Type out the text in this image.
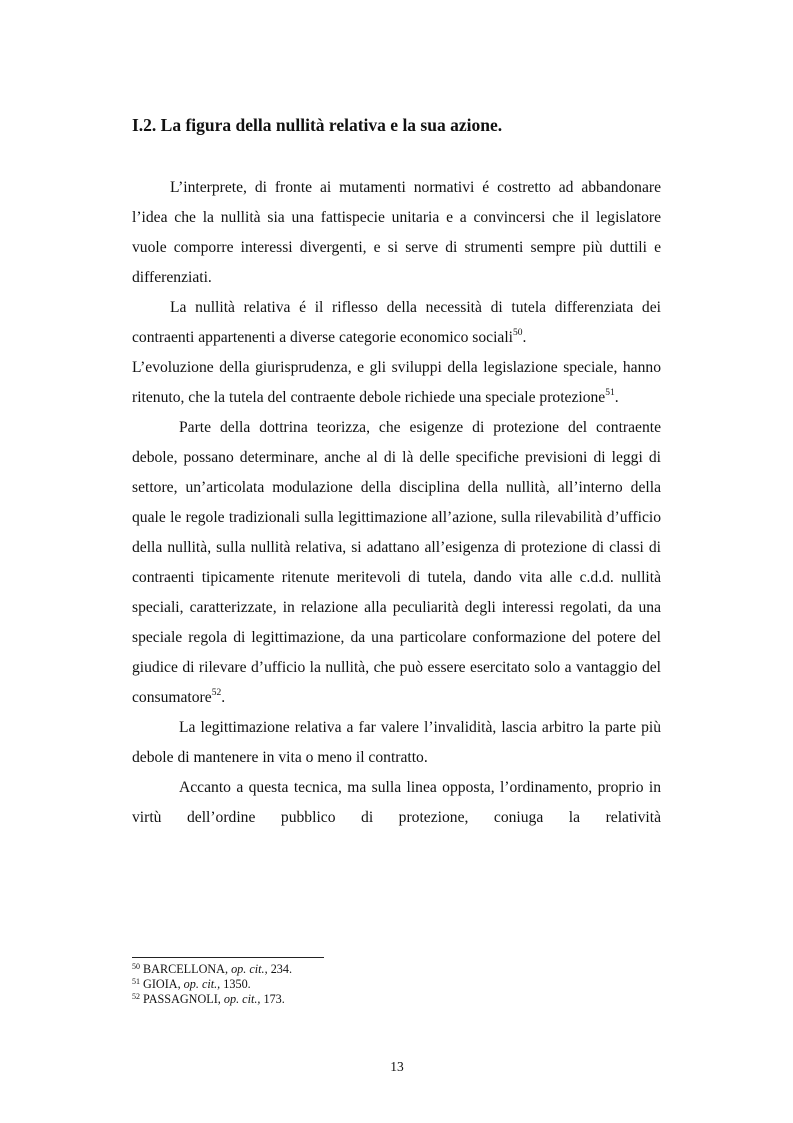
I.2. La figura della nullità relativa e la sua azione.

L’interprete, di fronte ai mutamenti normativi é costretto ad abbandonare l’idea che la nullità sia una fattispecie unitaria e a convincersi che il legislatore vuole comporre interessi divergenti, e si serve di strumenti sempre più duttili e differenziati.

La nullità relativa é il riflesso della necessità di tutela differenziata dei contraenti appartenenti a diverse categorie economico sociali$^{50}$.

L’evoluzione della giurisprudenza, e gli sviluppi della legislazione speciale, hanno ritenuto, che la tutela del contraente debole richiede una speciale protezione$^{51}$.

Parte della dottrina teorizza, che esigenze di protezione del contraente debole, possano determinare, anche al di là delle specifiche previsioni di leggi di settore, un’articolata modulazione della disciplina della nullità, all’interno della quale le regole tradizionali sulla legittimazione all’azione, sulla rilevabilità d’ufficio della nullità, sulla nullità relativa, si adattano all’esigenza di protezione di classi di contraenti tipicamente ritenute meritevoli di tutela, dando vita alle c.d.d. nullità speciali, caratterizzate, in relazione alla peculiarità degli interessi regolati, da una speciale regola di legittimazione, da una particolare conformazione del potere del giudice di rilevare d’ufficio la nullità, che può essere esercitato solo a vantaggio del consumatore$^{52}$.

La legittimazione relativa a far valere l’invalidità, lascia arbitro la parte più debole di mantenere in vita o meno il contratto.

Accanto a questa tecnica, ma sulla linea opposta, l’ordinamento, proprio in virtù dell’ordine pubblico di protezione, coniuga la relatività

$^{50}$ BARCELLONA, op. cit., 234.
$^{51}$ GIOIA, op. cit., 1350.
$^{52}$ PASSAGNOLI, op. cit., 173.
13
